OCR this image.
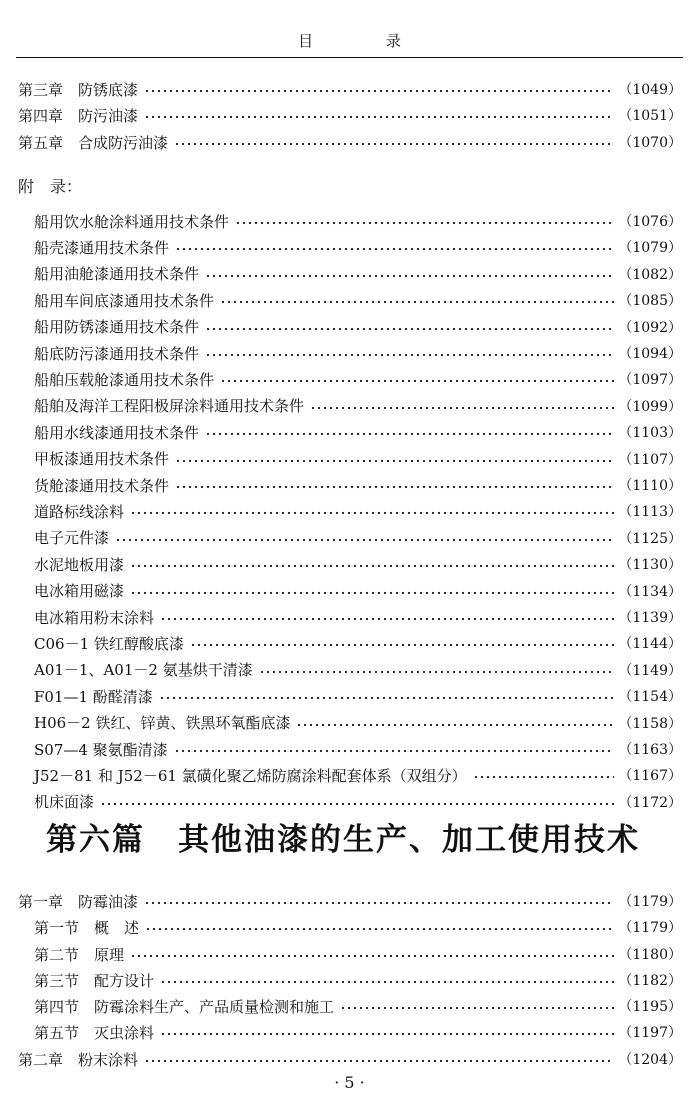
目 录
第三章　防锈底漆	（1049）
第四章　防污油漆	（1051）
第五章　合成防污油漆	（1070）
附　录：
船用饮水舱涂料通用技术条件	（1076）
船壳漆通用技术条件	（1079）
船用油舱漆通用技术条件	（1082）
船用车间底漆通用技术条件	（1085）
船用防锈漆通用技术条件	（1092）
船底防污漆通用技术条件	（1094）
船舶压载舱漆通用技术条件	（1097）
船舶及海洋工程阳极屏涂料通用技术条件	（1099）
船用水线漆通用技术条件	（1103）
甲板漆通用技术条件	（1107）
货舱漆通用技术条件	（1110）
道路标线涂料	（1113）
电子元件漆	（1125）
水泥地板用漆	（1130）
电冰箱用磁漆	（1134）
电冰箱用粉末涂料	（1139）
C06－1 铁红醇酸底漆	（1144）
A01－1、A01－2 氨基烘干清漆	（1149）
F01—1 酚醛清漆	（1154）
H06－2 铁红、锌黄、铁黑环氧酯底漆	（1158）
S07—4 聚氨酯清漆	（1163）
J52－81 和 J52－61 氯磺化聚乙烯防腐涂料配套体系（双组分）	（1167）
机床面漆	（1172）
第六篇　其他油漆的生产、加工使用技术
第一章　防霉油漆	（1179）
第一节　概　述	（1179）
第二节　原理	（1180）
第三节　配方设计	（1182）
第四节　防霉涂料生产、产品质量检测和施工	（1195）
第五节　灭虫涂料	（1197）
第二章　粉末涂料	（1204）
· 5 ·
